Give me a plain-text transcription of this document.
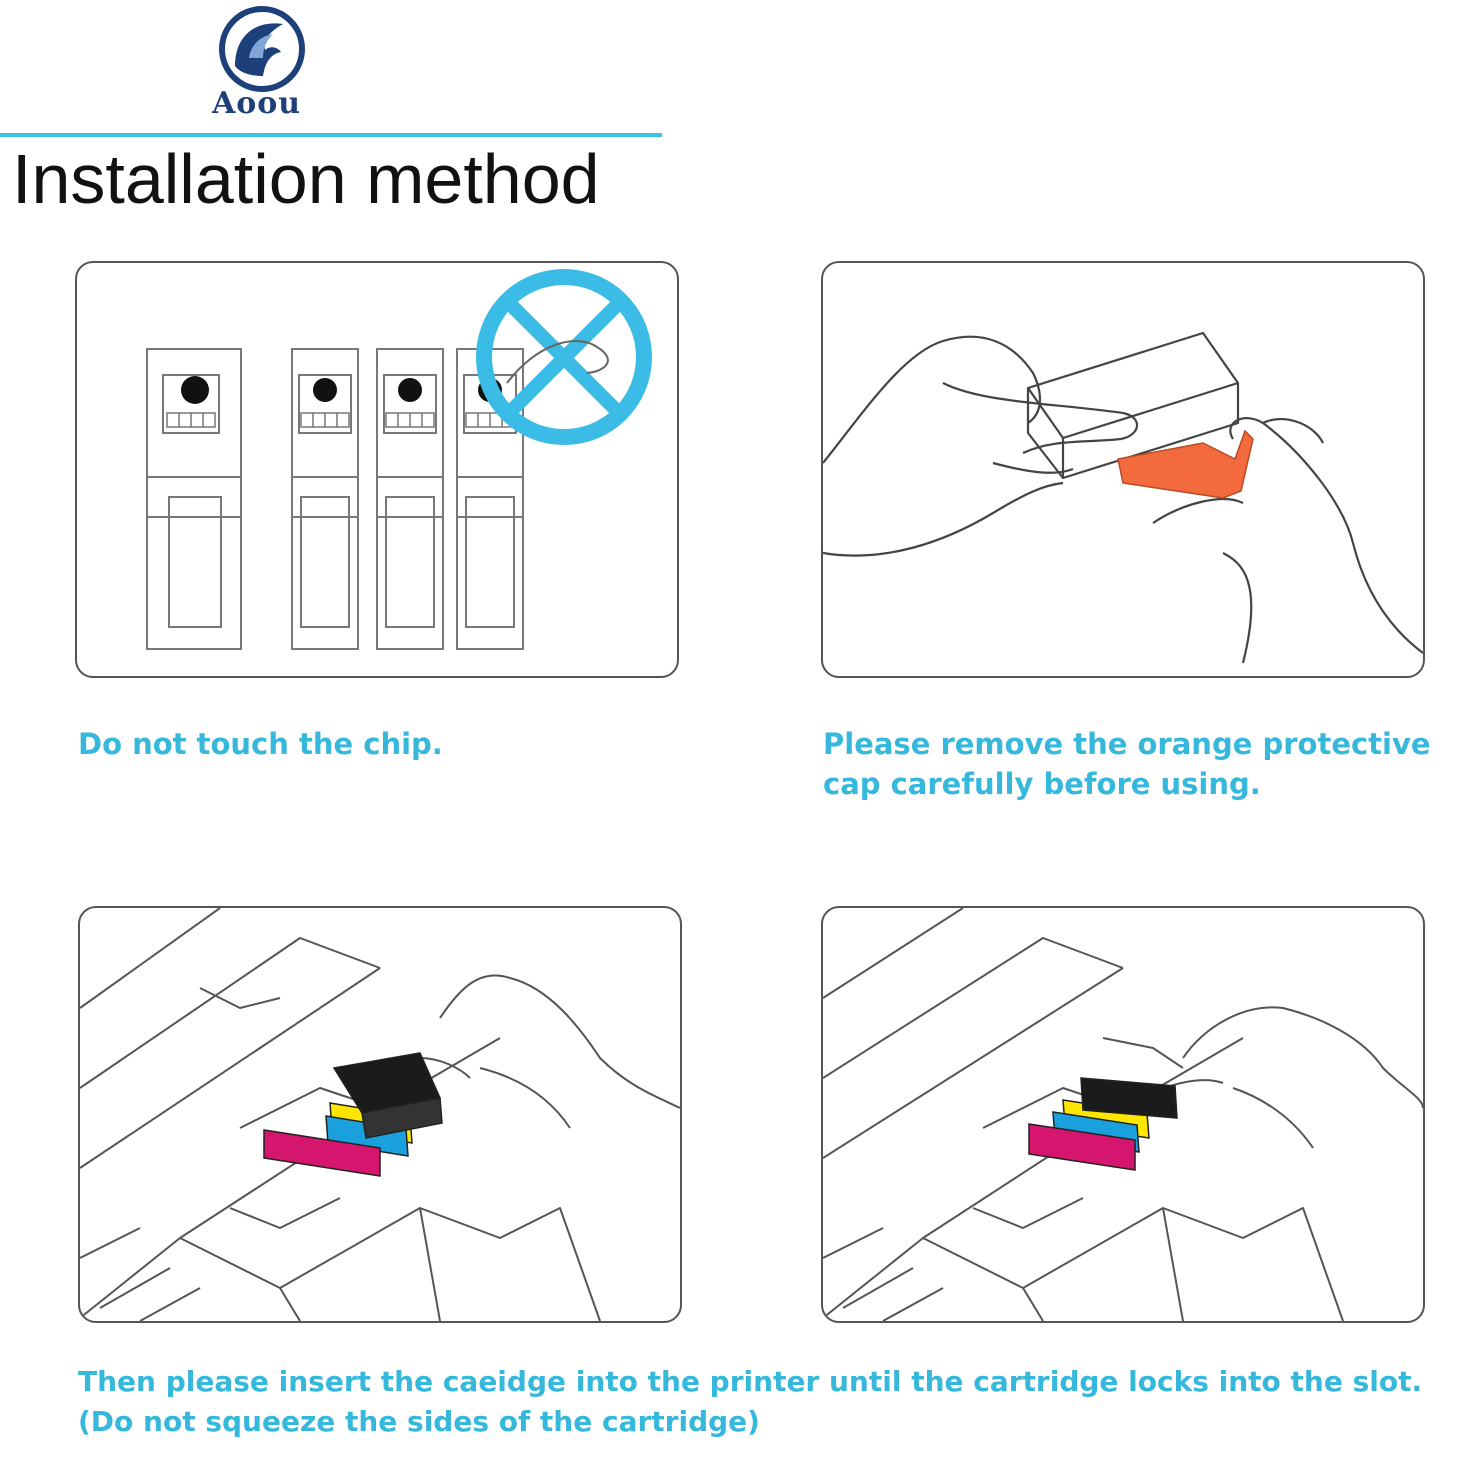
Aoou
Installation method
Do not touch the chip.	Please remove the orange protective
cap carefully before using.
Then please insert the caeidge into the printer until the cartridge locks into the slot.
(Do not squeeze the sides of the cartridge)
